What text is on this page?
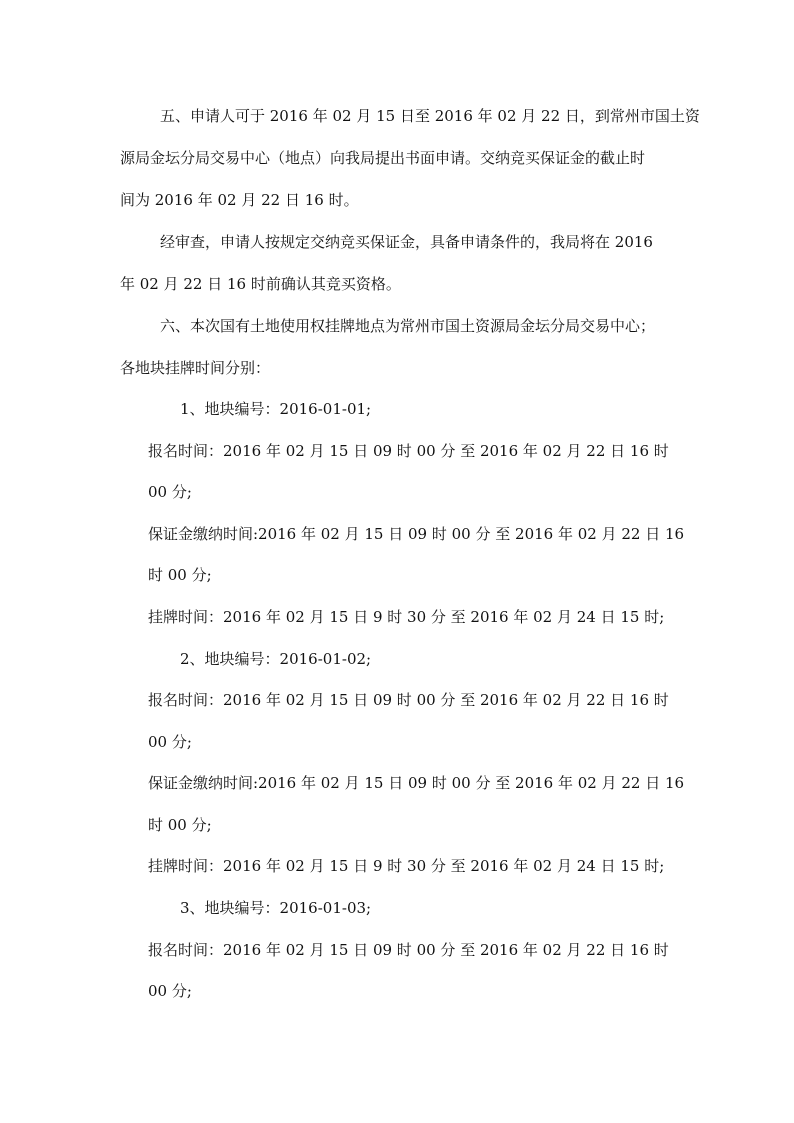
五、申请人可于 2016 年 02 月 15 日至 2016 年 02 月 22 日，到常州市国土资
源局金坛分局交易中心（地点）向我局提出书面申请。交纳竞买保证金的截止时
间为 2016 年 02 月 22 日 16 时。
经审查，申请人按规定交纳竞买保证金，具备申请条件的，我局将在 2016
年 02 月 22 日 16 时前确认其竞买资格。
六、本次国有土地使用权挂牌地点为常州市国土资源局金坛分局交易中心；
各地块挂牌时间分别：
1、地块编号：2016-01-01;
报名时间：2016 年 02 月 15 日 09 时 00 分 至 2016 年 02 月 22 日 16 时
00 分;
保证金缴纳时间:2016 年 02 月 15 日 09 时 00 分 至 2016 年 02 月 22 日 16
时 00 分;
挂牌时间：2016 年 02 月 15 日 9 时 30 分 至 2016 年 02 月 24 日 15 时;
2、地块编号：2016-01-02;
报名时间：2016 年 02 月 15 日 09 时 00 分 至 2016 年 02 月 22 日 16 时
00 分;
保证金缴纳时间:2016 年 02 月 15 日 09 时 00 分 至 2016 年 02 月 22 日 16
时 00 分;
挂牌时间：2016 年 02 月 15 日 9 时 30 分 至 2016 年 02 月 24 日 15 时;
3、地块编号：2016-01-03;
报名时间：2016 年 02 月 15 日 09 时 00 分 至 2016 年 02 月 22 日 16 时
00 分;
